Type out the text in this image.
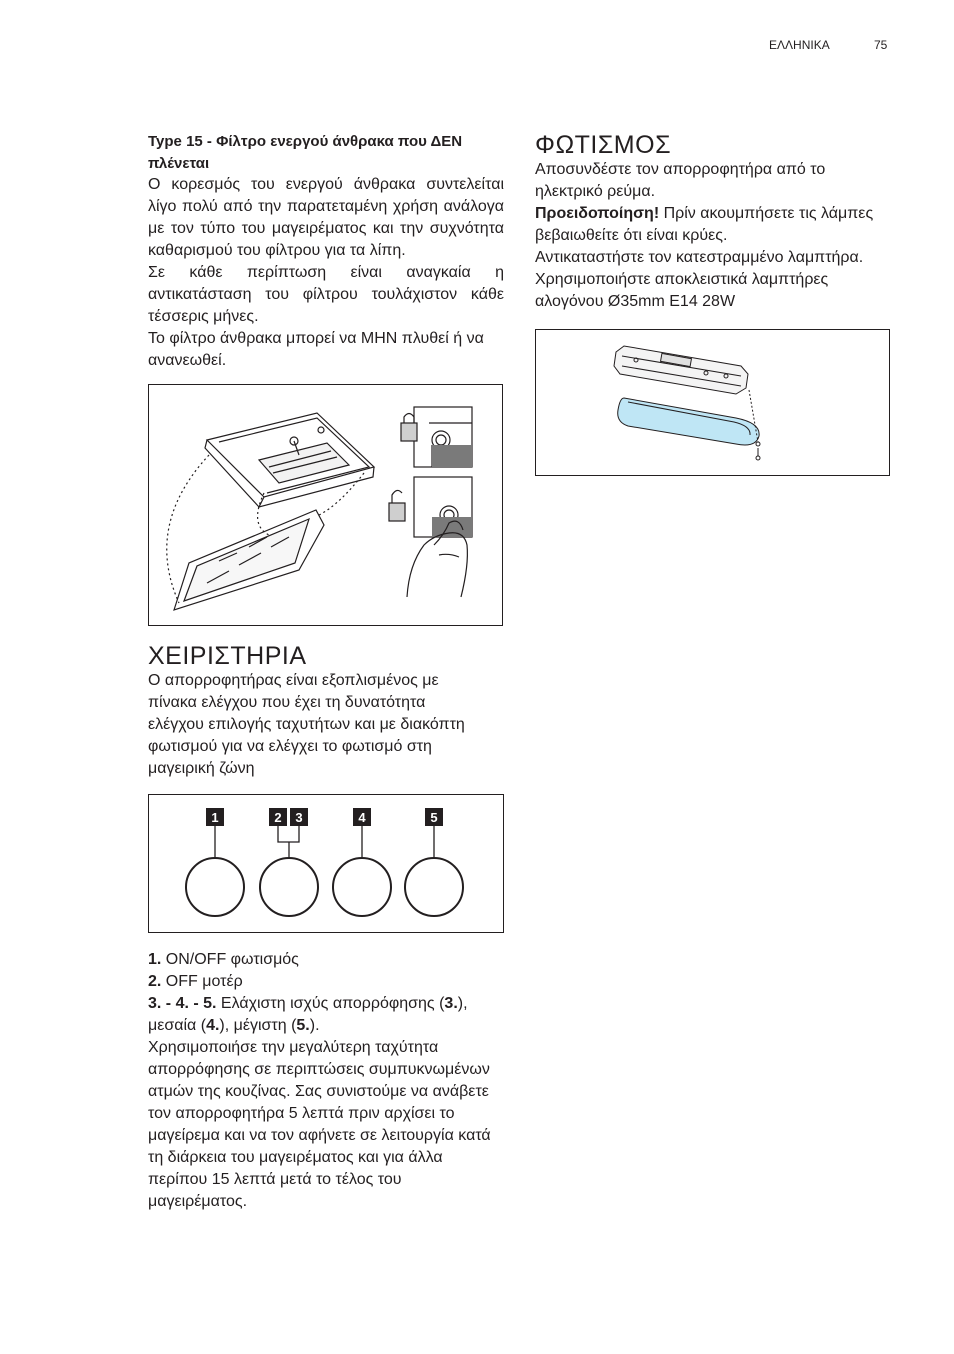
ΕΛΛΗΝΙΚΑ	75

Type 15 - Φίλτρο ενεργού άνθρακα που ΔΕΝ πλένεται

Ο κορεσμός του ενεργού άνθρακα συντελείται λίγο πολύ από την παρατεταμένη χρήση ανάλογα με τον τύπο του μαγειρέματος και την συχνότητα καθαρισμού του φίλτρου για τα λίπη.

Σε κάθε περίπτωση είναι αναγκαία η αντικατάσταση του φίλτρου τουλάχιστον κάθε τέσσερις μήνες.

Το φίλτρο άνθρακα μπορεί να ΜΗΝ πλυθεί ή να ανανεωθεί.

ΧΕΙΡΙΣΤΗΡΙΑ

Ο απορροφητήρας είναι εξοπλισμένος με πίνακα ελέγχου που έχει τη δυνατότητα ελέγχου επιλογής ταχυτήτων και με διακόπτη φωτισμού για να ελέγχει το φωτισμό στη μαγειρική ζώνη

1	2 3	4	5

1. ON/OFF φωτισμός

2. OFF μοτέρ

3. - 4. - 5. Ελάχιστη ισχύς απορρόφησης (3.), μεσαία (4.), μέγιστη (5.).

Χρησιμοποιήσε την μεγαλύτερη ταχύτητα απορρόφησης σε περιπτώσεις συμπυκνωμένων ατμών της κουζίνας. Σας συνιστούμε να ανάβετε τον απορροφητήρα 5 λεπτά πριν αρχίσει το μαγείρεμα και να τον αφήνετε σε λειτουργία κατά τη διάρκεια του μαγειρέματος και για άλλα περίπου 15 λεπτά μετά το τέλος του μαγειρέματος.

ΦΩΤΙΣΜΟΣ

Αποσυνδέστε τον απορροφητήρα από το ηλεκτρικό ρεύμα.

Προειδοποίηση! Πρίν ακουμπήσετε τις λάμπες βεβαιωθείτε ότι είναι κρύες.

Αντικαταστήστε τον κατεστραμμένο λαμπτήρα.

Χρησιμοποιήστε αποκλειστικά λαμπτήρες αλογόνου Ø35mm E14 28W
